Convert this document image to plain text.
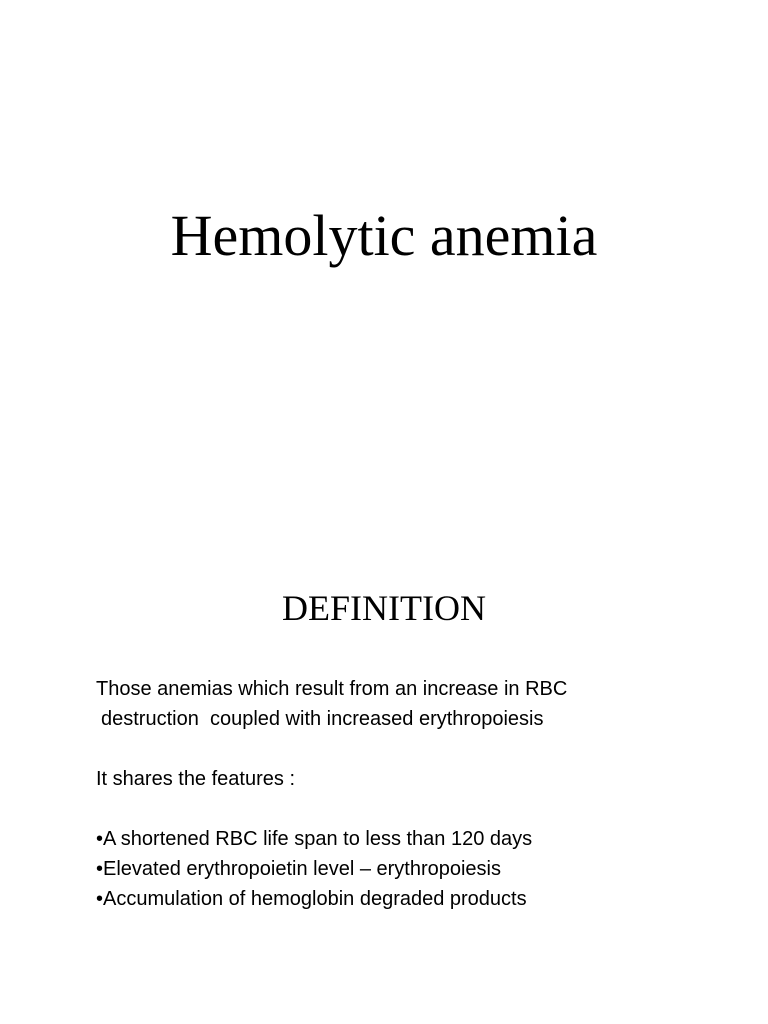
Hemolytic anemia
DEFINITION
Those anemias which result from an increase in RBC
destruction  coupled with increased erythropoiesis
It shares the features :
•A shortened RBC life span to less than 120 days
•Elevated erythropoietin level – erythropoiesis
•Accumulation of hemoglobin degraded products
